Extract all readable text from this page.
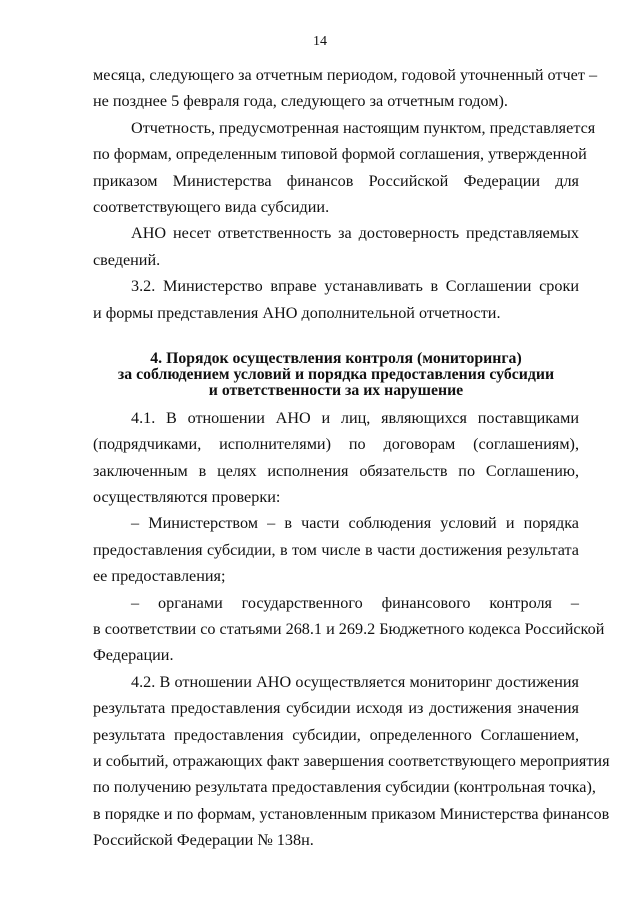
14
месяца, следующего за отчетным периодом, годовой уточненный отчет –
не позднее 5 февраля года, следующего за отчетным годом).
Отчетность, предусмотренная настоящим пунктом, представляется
по формам, определенным типовой формой соглашения, утвержденной
приказом Министерства финансов Российской Федерации для
соответствующего вида субсидии.
АНО несет ответственность за достоверность представляемых
сведений.
3.2. Министерство вправе устанавливать в Соглашении сроки
и формы представления АНО дополнительной отчетности.
4. Порядок осуществления контроля (мониторинга)
за соблюдением условий и порядка предоставления субсидии
и ответственности за их нарушение
4.1. В отношении АНО и лиц, являющихся поставщиками
(подрядчиками, исполнителями) по договорам (соглашениям),
заключенным в целях исполнения обязательств по Соглашению,
осуществляются проверки:
– Министерством – в части соблюдения условий и порядка
предоставления субсидии, в том числе в части достижения результата
ее предоставления;
– органами государственного финансового контроля –
в соответствии со статьями 268.1 и 269.2 Бюджетного кодекса Российской
Федерации.
4.2. В отношении АНО осуществляется мониторинг достижения
результата предоставления субсидии исходя из достижения значения
результата предоставления субсидии, определенного Соглашением,
и событий, отражающих факт завершения соответствующего мероприятия
по получению результата предоставления субсидии (контрольная точка),
в порядке и по формам, установленным приказом Министерства финансов
Российской Федерации № 138н.
